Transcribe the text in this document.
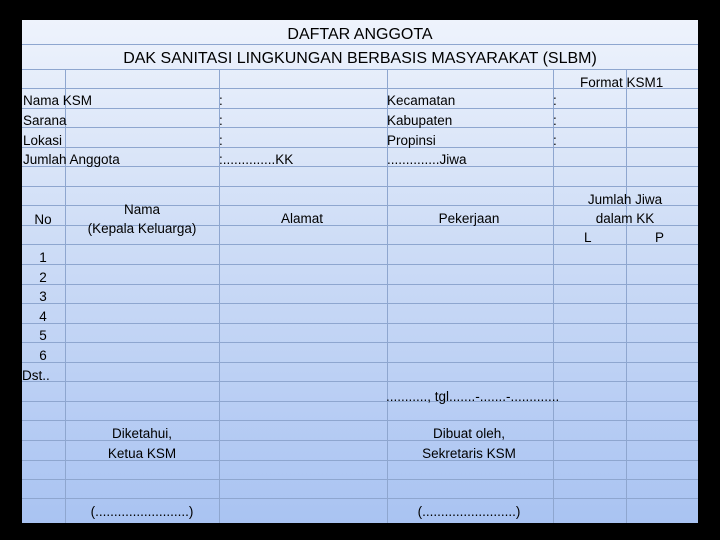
DAFTAR ANGGOTA
DAK SANITASI LINGKUNGAN BERBASIS MASYARAKAT (SLBM)
Format KSM1
Nama KSM
Sarana
Lokasi
Jumlah Anggota
:
:
:
:..............KK
Kecamatan
Kabupaten
Propinsi
..............Jiwa
:
:
:
No
Nama
(Kepala Keluarga)
Alamat	Pekerjaan
Jumlah Jiwa
dalam KK
L	P
1
2
3
4
5
6
Dst..
..........., tgl.......-.......-.............
Diketahui,
Ketua KSM
(.........................)
Dibuat oleh,
Sekretaris KSM
(.........................)
